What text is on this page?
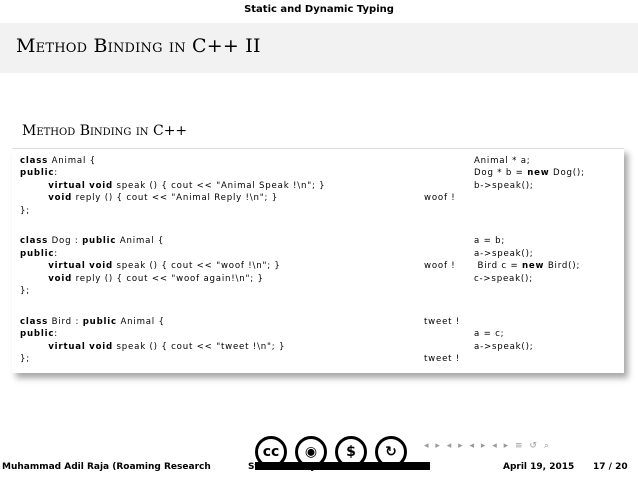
Static and Dynamic Typing
Method Binding in C++ II
Method Binding in C++
class Animal {
public:
virtual void speak () { cout << "Animal Speak !\n"; }
void reply () { cout << "Animal Reply !\n"; }
};
class Dog : public Animal {
public:
virtual void speak () { cout << "woof !\n"; }
void reply () { cout << "woof again!\n"; }
};
class Bird : public Animal {
public:
virtual void speak () { cout << "tweet !\n"; }
};
woof !
woof !
tweet !
tweet !
Animal * a;
Dog * b = new Dog();
b->speak();
a = b;
a->speak();
Bird c = new Bird();
c->speak();
a = c;
a->speak();
cc	◉	$	↻	◂ ▸ ◂ ▸ ◂ ▸ ◂ ▸ ≡ ↺ ⌕
Muhammad Adil Raja (Roaming Research	Static and Dynamic Behavior	April 19, 2015 17 / 20
